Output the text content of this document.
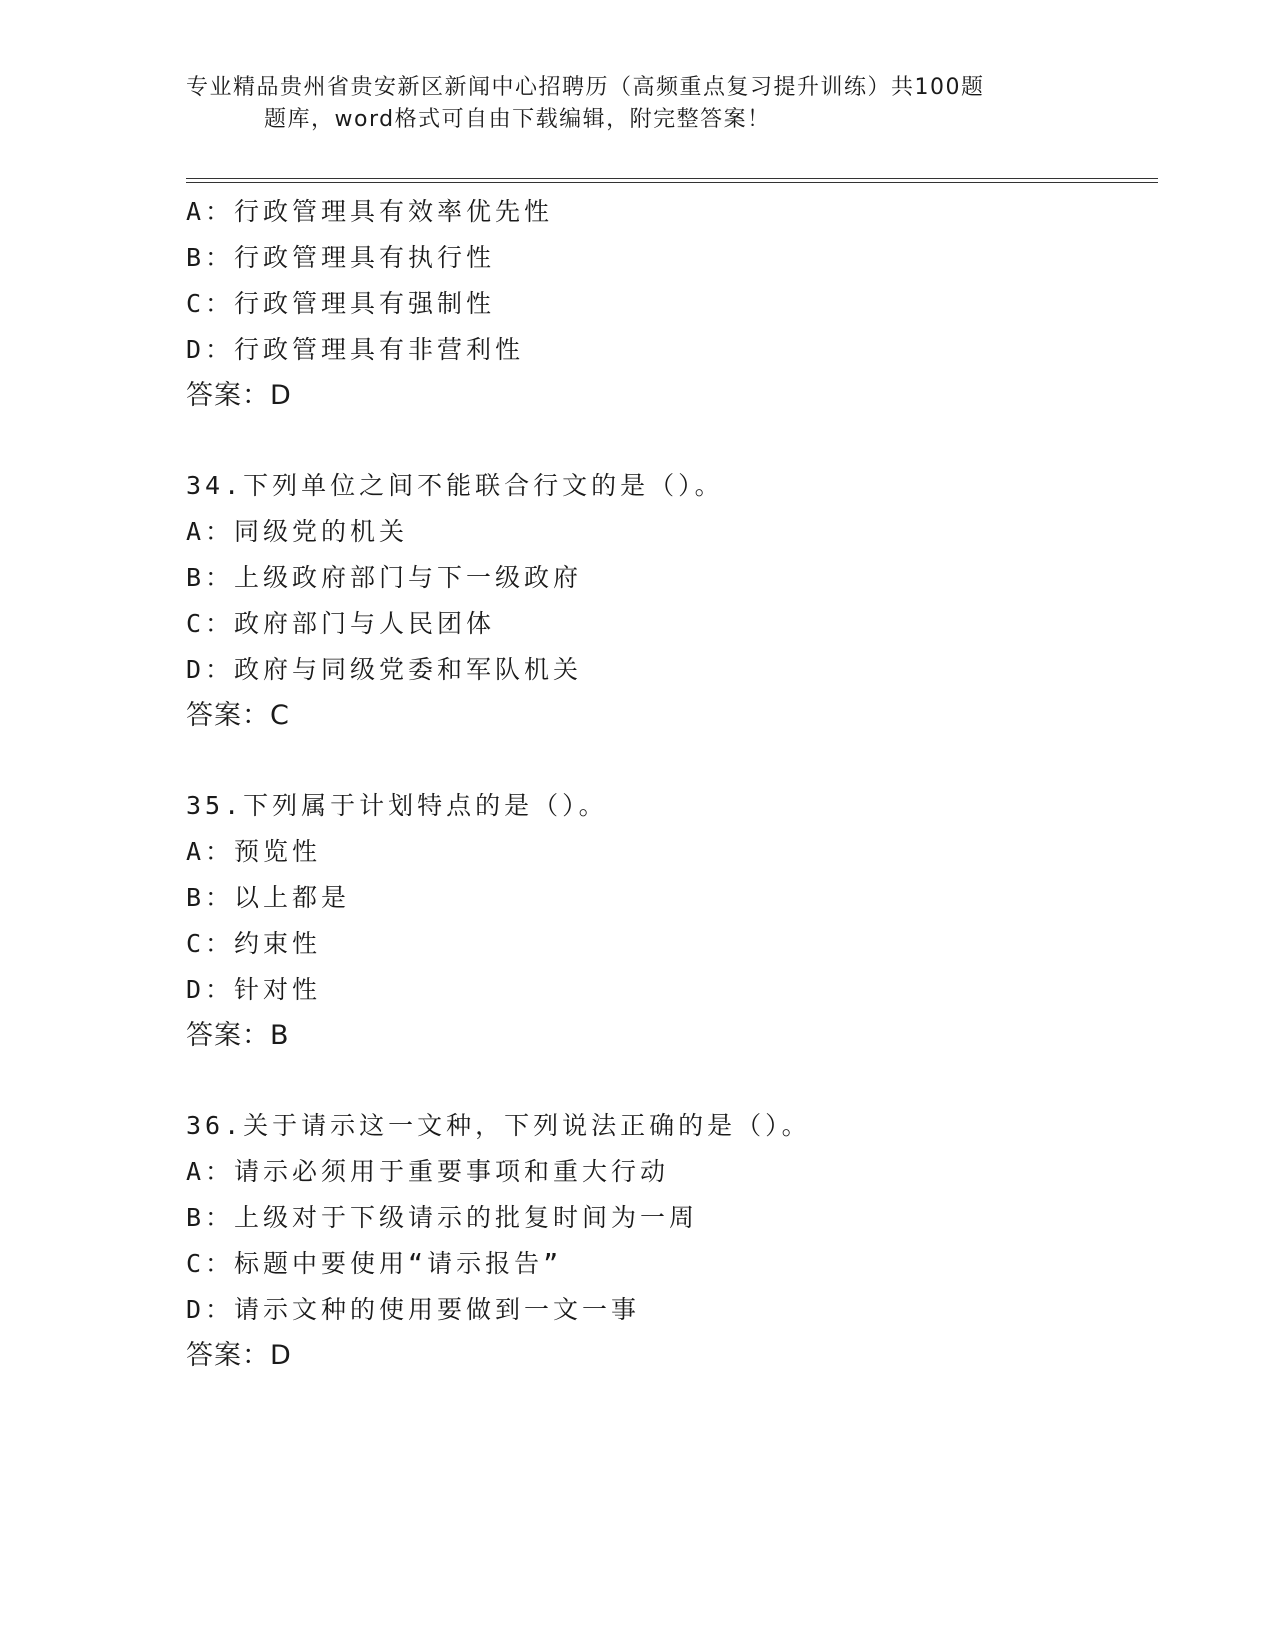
专业精品贵州省贵安新区新闻中心招聘历（高频重点复习提升训练）共100题
题库，word格式可自由下载编辑，附完整答案！
A：行政管理具有效率优先性
B：行政管理具有执行性
C：行政管理具有强制性
D：行政管理具有非营利性
答案：D
34.下列单位之间不能联合行文的是（）。
A：同级党的机关
B：上级政府部门与下一级政府
C：政府部门与人民团体
D：政府与同级党委和军队机关
答案：C
35.下列属于计划特点的是（）。
A：预览性
B：以上都是
C：约束性
D：针对性
答案：B
36.关于请示这一文种，下列说法正确的是（）。
A：请示必须用于重要事项和重大行动
B：上级对于下级请示的批复时间为一周
C：标题中要使用“请示报告”
D：请示文种的使用要做到一文一事
答案：D
